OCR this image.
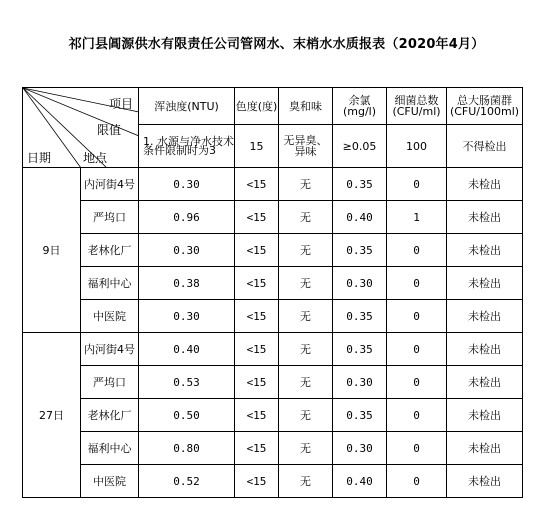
祁门县阊源供水有限责任公司管网水、末梢水水质报表（2020年4月）
项目
限值
日期 地点		浑浊度(NTU)	色度(度)	臭和味	余氯(mg/l)	细菌总数(CFU/ml)	总大肠菌群(CFU/100ml)
		1. 水源与净水技术条件限制时为3	15	无异臭、异味	≥0.05	100	不得检出
9日	内河街4号	0.30	<15	无	0.35	0	未检出
	严坞口	0.96	<15	无	0.40	1	未检出
	老林化厂	0.30	<15	无	0.35	0	未检出
	福利中心	0.38	<15	无	0.30	0	未检出
	中医院	0.30	<15	无	0.35	0	未检出
27日	内河街4号	0.40	<15	无	0.35	0	未检出
	严坞口	0.53	<15	无	0.30	0	未检出
	老林化厂	0.50	<15	无	0.35	0	未检出
	福利中心	0.80	<15	无	0.30	0	未检出
	中医院	0.52	<15	无	0.40	0	未检出
